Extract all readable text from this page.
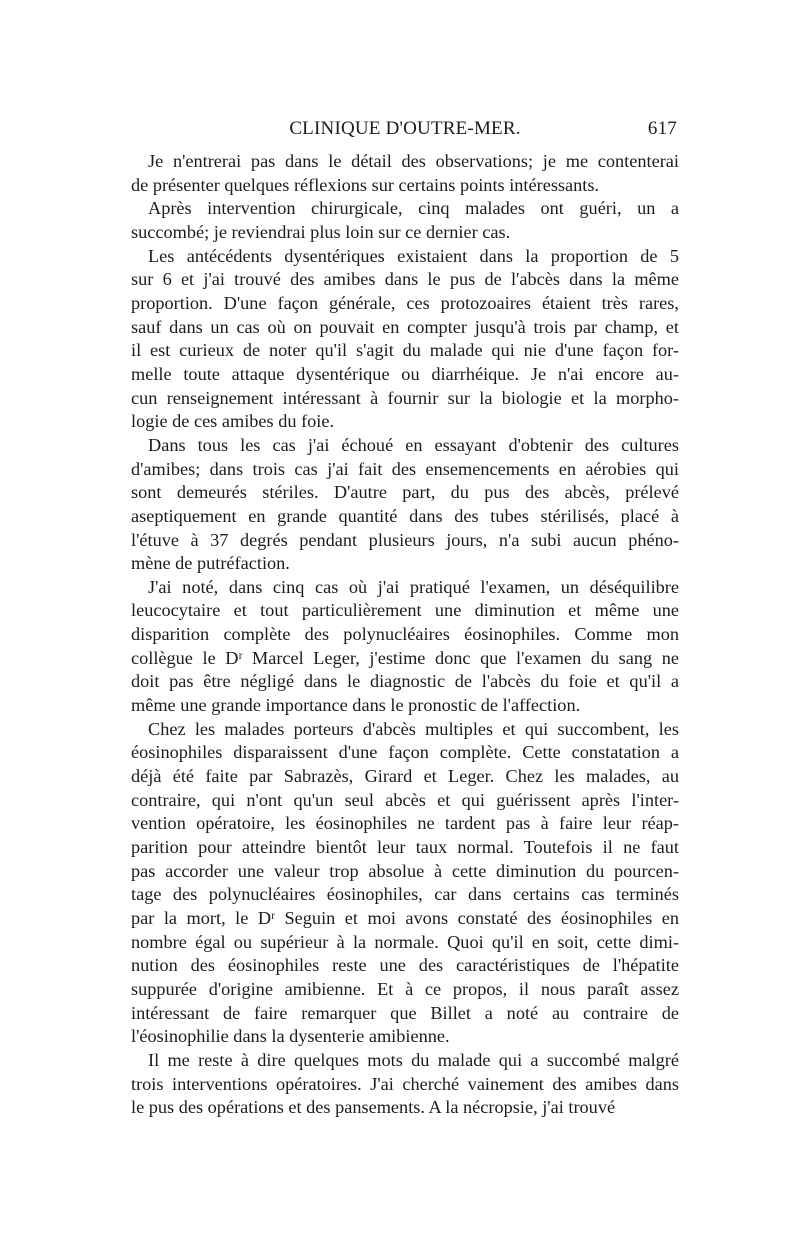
CLINIQUE D'OUTRE-MER.	617

Je n'entrerai pas dans le détail des observations; je me contenterai
de présenter quelques réflexions sur certains points intéressants.

Après intervention chirurgicale, cinq malades ont guéri, un a
succombé; je reviendrai plus loin sur ce dernier cas.

Les antécédents dysentériques existaient dans la proportion de 5
sur 6 et j'ai trouvé des amibes dans le pus de l'abcès dans la même
proportion. D'une façon générale, ces protozoaires étaient très rares,
sauf dans un cas où on pouvait en compter jusqu'à trois par champ, et
il est curieux de noter qu'il s'agit du malade qui nie d'une façon for-
melle toute attaque dysentérique ou diarrhéique. Je n'ai encore au-
cun renseignement intéressant à fournir sur la biologie et la morpho-
logie de ces amibes du foie.

Dans tous les cas j'ai échoué en essayant d'obtenir des cultures
d'amibes; dans trois cas j'ai fait des ensemencements en aérobies qui
sont demeurés stériles. D'autre part, du pus des abcès, prélevé
aseptiquement en grande quantité dans des tubes stérilisés, placé à
l'étuve à 37 degrés pendant plusieurs jours, n'a subi aucun phéno-
mène de putréfaction.

J'ai noté, dans cinq cas où j'ai pratiqué l'examen, un déséquilibre
leucocytaire et tout particulièrement une diminution et même une
disparition complète des polynucléaires éosinophiles. Comme mon
collègue le Dʳ Marcel Leger, j'estime donc que l'examen du sang ne
doit pas être négligé dans le diagnostic de l'abcès du foie et qu'il a
même une grande importance dans le pronostic de l'affection.

Chez les malades porteurs d'abcès multiples et qui succombent, les
éosinophiles disparaissent d'une façon complète. Cette constatation a
déjà été faite par Sabrazès, Girard et Leger. Chez les malades, au
contraire, qui n'ont qu'un seul abcès et qui guérissent après l'inter-
vention opératoire, les éosinophiles ne tardent pas à faire leur réap-
parition pour atteindre bientôt leur taux normal. Toutefois il ne faut
pas accorder une valeur trop absolue à cette diminution du pourcen-
tage des polynucléaires éosinophiles, car dans certains cas terminés
par la mort, le Dʳ Seguin et moi avons constaté des éosinophiles en
nombre égal ou supérieur à la normale. Quoi qu'il en soit, cette dimi-
nution des éosinophiles reste une des caractéristiques de l'hépatite
suppurée d'origine amibienne. Et à ce propos, il nous paraît assez
intéressant de faire remarquer que Billet a noté au contraire de
l'éosinophilie dans la dysenterie amibienne.

Il me reste à dire quelques mots du malade qui a succombé malgré
trois interventions opératoires. J'ai cherché vainement des amibes dans
le pus des opérations et des pansements. A la nécropsie, j'ai trouvé
